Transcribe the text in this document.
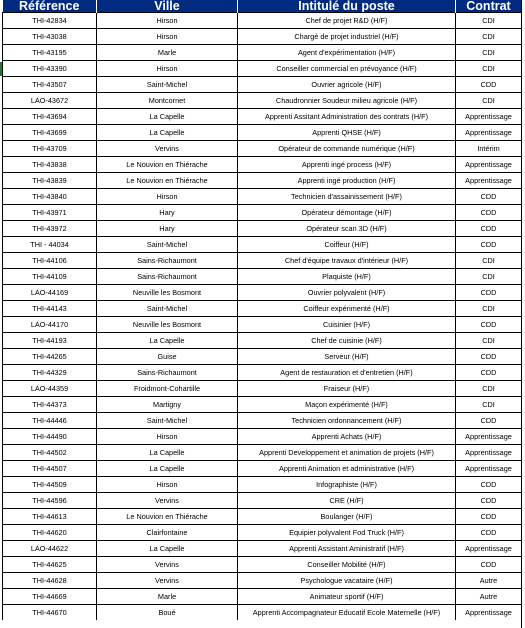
Référence	Ville	Intitulé du poste	Contrat
THI-42834	Hirson	Chef de projet R&D (H/F)	CDI
THI-43038	Hirson	Chargé de projet industriel (H/F)	CDI
THI-43195	Marle	Agent d'expérimentation (H/F)	CDI
THI-43390	Hirson	Conseiller commercial en prévoyance (H/F)	CDI
THI-43507	Saint-Michel	Ouvrier agricole (H/F)	CDD
LAO-43672	Montcornet	Chaudronnier Soudeur milieu agricole (H/F)	CDI
THI-43694	La Capelle	Apprenti Assitant Administration des contrats (H/F)	Apprentissage
THI-43699	La Capelle	Apprenti QHSE (H/F)	Apprentissage
THI-43709	Vervins	Opérateur de commande numérique (H/F)	Intérim
THI-43838	Le Nouvion en Thiérache	Apprenti ingé process (H/F)	Apprentissage
THI-43839	Le Nouvion en Thiérache	Apprenti ingé production (H/F)	Apprentissage
THI-43840	Hirson	Technicien d'assainissement (H/F)	CDD
THI-43971	Hary	Opérateur démontage (H/F)	CDD
THI-43972	Hary	Opérateur scan 3D (H/F)	CDD
THI - 44034	Saint-Michel	Coiffeur (H/F)	CDD
THI-44106	Sains-Richaumont	Chef d'équipe travaux d'intérieur (H/F)	CDI
THI-44109	Sains-Richaumont	Plaquiste (H/F)	CDI
LAO-44169	Neuville les Bosmont	Ouvrier polyvalent (H/F)	CDD
THI-44143	Saint-Michel	Coiffeur expérimenté (H/F)	CDI
LAO-44170	Neuville les Bosmont	Cuisinier (H/F)	CDD
THI-44193	La Capelle	Chef de cuisinie (H/F)	CDI
THI-44265	Guise	Serveur (H/F)	CDD
THI-44329	Sains-Richaumont	Agent de restauration et d'entretien (H/F)	CDD
LAO-44359	Froidmont-Cohartille	Fraiseur (H/F)	CDI
THI-44373	Martigny	Maçon expérimenté (H/F)	CDI
THI-44446	Saint-Michel	Technicien ordonnancement (H/F)	CDD
THI-44490	Hirson	Apprenti Achats (H/F)	Apprentissage
THI-44502	La Capelle	Apprenti Developpement et animation de projets (H/F)	Apprentissage
THI-44507	La Capelle	Apprenti Animation et administrative (H/F)	Apprentissage
THI-44509	Hirson	Infographiste (H/F)	CDD
THI-44596	Vervins	CRE (H/F)	CDD
THI-44613	Le Nouvion en Thiérache	Boulanger (H/F)	CDD
THI-44620	Clairfontaine	Equipier polyvalent Fod Truck (H/F)	CDD
LAO-44622	La Capelle	Apprenti Assistant Aministratif (H/F)	Apprentissage
THI-44625	Vervins	Conseiller Mobilité (H/F)	CDD
THI-44628	Vervins	Psychologue vacataire (H/F)	Autre
THI-44669	Marle	Animateur sportif (H/F)	Autre
THI-44670	Boué	Apprenti Accompagnateur Educatif Ecole Maternelle (H/F)	Apprentissage
